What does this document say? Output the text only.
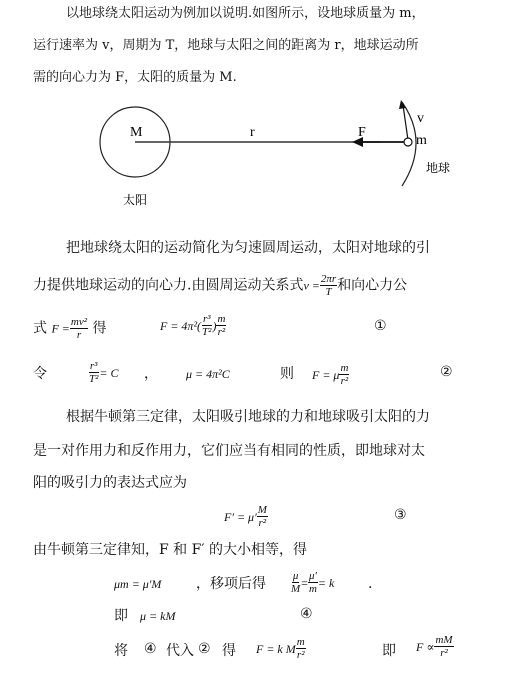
以地球绕太阳运动为例加以说明.如图所示，设地球质量为 m，
运行速率为 v，周期为 T，地球与太阳之间的距离为 r，地球运动所
需的向心力为 F，太阳的质量为 M.
M	r	F
v
m
地球
太阳
把地球绕太阳的运动简化为匀速圆周运动，太阳对地球的引
力提供地球运动的向心力.由圆周运动关系式$v = \frac{2\pi r}{T}$ 和向心力公
式 $F = \frac{\text{mv²}}{r}$ 得	$F = 4\pi^2( \frac{\text{r³}}{\text{T²}}$ ) $\frac{m}{\text{r²}}$	①
令	$\frac{\text{r³}}{\text{T²}} = C$ ， μ = 4π²C	则 F = μ $\frac{m}{\text{r²}}$	②
根据牛顿第三定律，太阳吸引地球的力和地球吸引太阳的力
是一对作用力和反作用力，它们应当有相同的性质，即地球对太
阳的吸引力的表达式应为
$F' = \mu' \frac{M}{\text{r²}}$	③
由牛顿第三定律知，F 和 F′ 的大小相等，得
μm = μ′M ，移项后得 $\frac{\mu}{M} = \frac{\mu'}{m} = k$ .
即 μ = kM	④
将 ④ 代入 ② 得 F = k M $\frac{m}{\text{r²}}$	即 $F \propto \frac{mM}{\text{r²}}$
